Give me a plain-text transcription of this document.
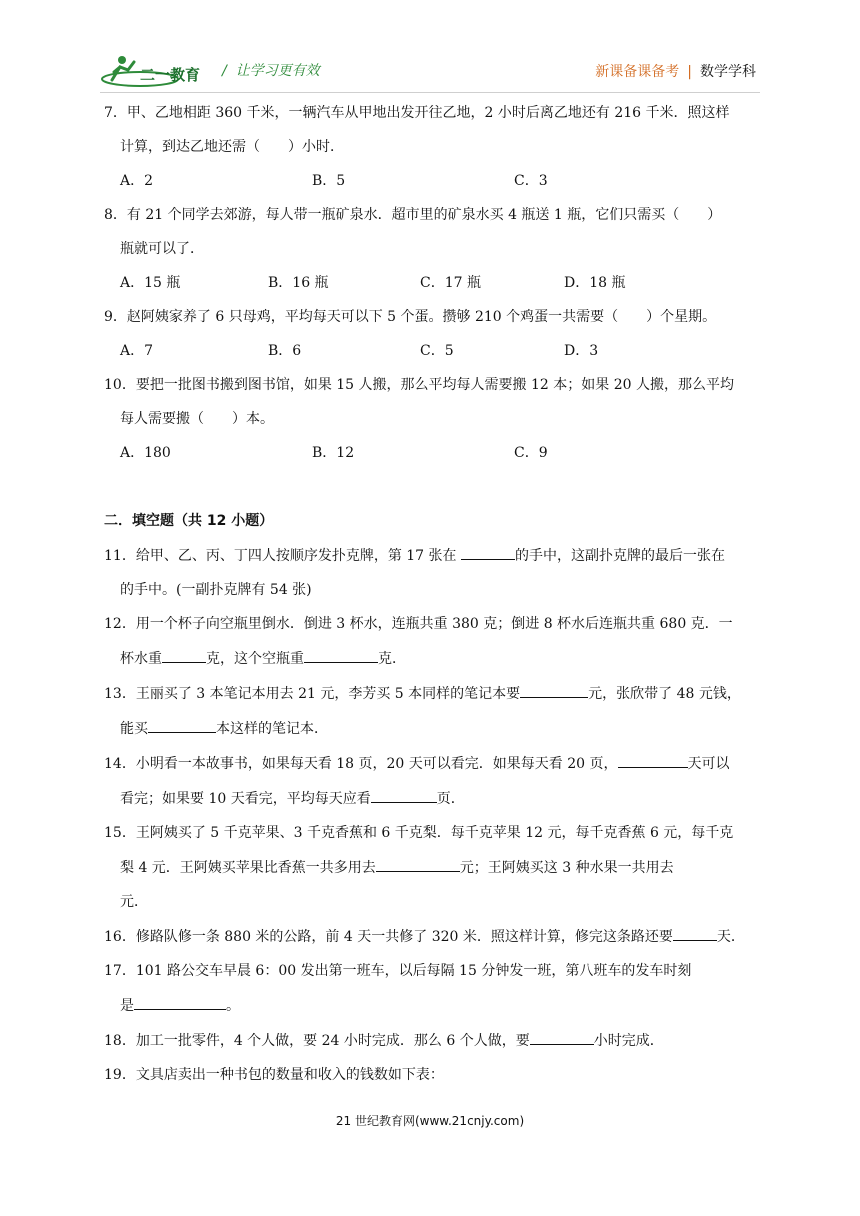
二一教育 /  让学习更有效	新课备课备考 | 数学学科
7．甲、乙地相距 360 千米，一辆汽车从甲地出发开往乙地，2 小时后离乙地还有 216 千米．照这样
计算，到达乙地还需（　　）小时．
A．2	B．5	C．3
8．有 21 个同学去郊游，每人带一瓶矿泉水．超市里的矿泉水买 4 瓶送 1 瓶，它们只需买（　　）
瓶就可以了．
A．15 瓶	B．16 瓶	C．17 瓶	D．18 瓶
9．赵阿姨家养了 6 只母鸡，平均每天可以下 5 个蛋。攒够 210 个鸡蛋一共需要（　　）个星期。
A．7	B．6	C．5	D．3
10．要把一批图书搬到图书馆，如果 15 人搬，那么平均每人需要搬 12 本；如果 20 人搬，那么平均
每人需要搬（　　）本。
A．180	B．12	C．9
二．填空题（共 12 小题）
11．给甲、乙、丙、丁四人按顺序发扑克牌，第 17 张在	的手中，这副扑克牌的最后一张在
的手中。(一副扑克牌有 54 张)
12．用一个杯子向空瓶里倒水．倒进 3 杯水，连瓶共重 380 克；倒进 8 杯水后连瓶共重 680 克．一
杯水重	克，这个空瓶重	克．
13．王丽买了 3 本笔记本用去 21 元，李芳买 5 本同样的笔记本要	元，张欣带了 48 元钱，
能买	本这样的笔记本．
14．小明看一本故事书，如果每天看 18 页，20 天可以看完．如果每天看 20 页，	天可以
看完；如果要 10 天看完，平均每天应看	页．
15．王阿姨买了 5 千克苹果、3 千克香蕉和 6 千克梨．每千克苹果 12 元，每千克香蕉 6 元，每千克
梨 4 元．王阿姨买苹果比香蕉一共多用去	元；王阿姨买这 3 种水果一共用去
元．
16．修路队修一条 880 米的公路，前 4 天一共修了 320 米．照这样计算，修完这条路还要	天．
17．101 路公交车早晨 6：00 发出第一班车，以后每隔 15 分钟发一班，第八班车的发车时刻
是	。
18．加工一批零件，4 个人做，要 24 小时完成．那么 6 个人做，要	小时完成．
19．文具店卖出一种书包的数量和收入的钱数如下表：
21 世纪教育网(www.21cnjy.com)
